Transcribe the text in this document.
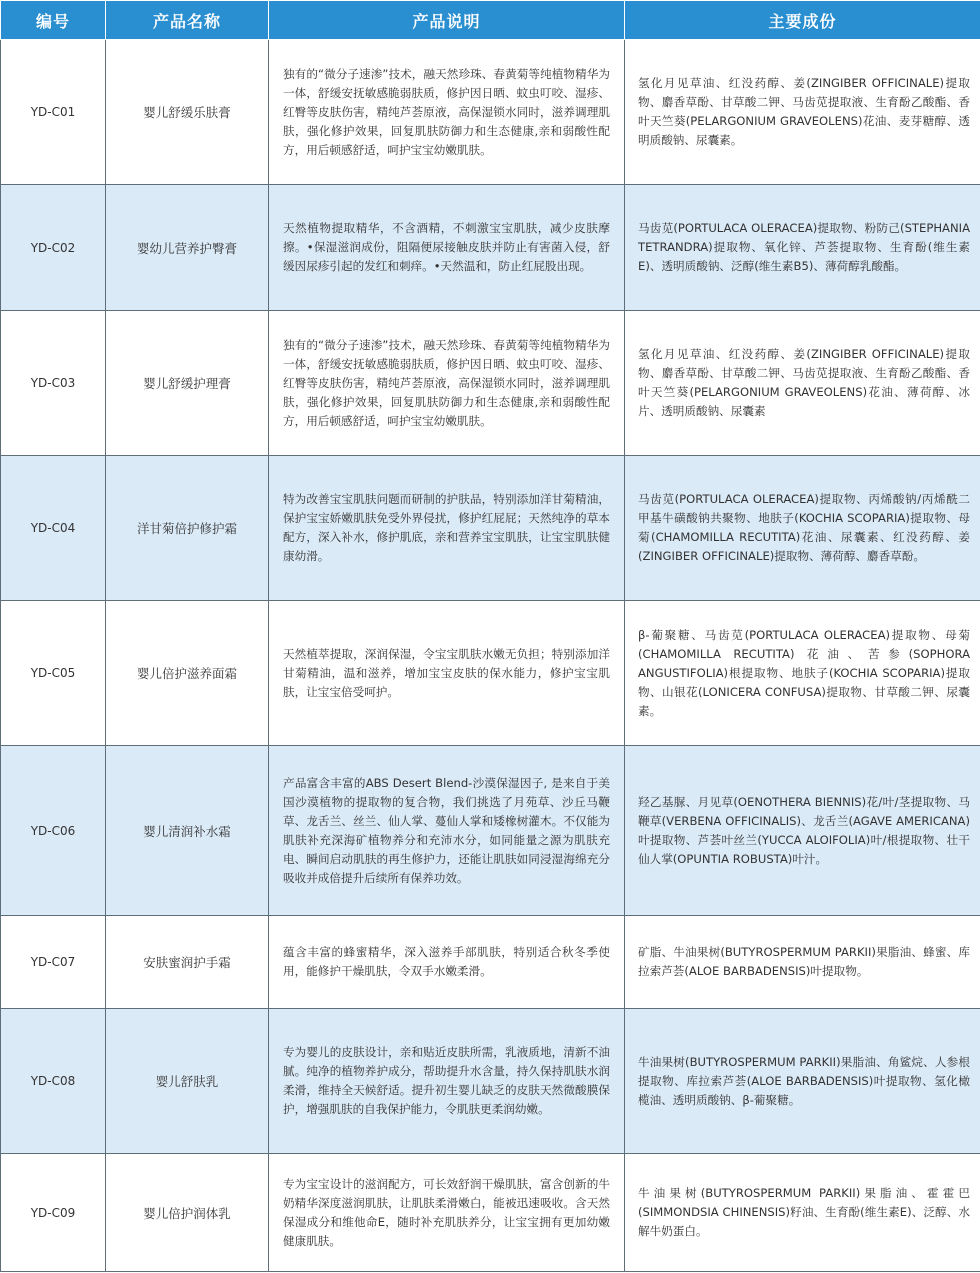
编号	产品名称	产品说明	主要成份
YD-C01	婴儿舒缓乐肤膏	独有的“微分子速渗”技术，融天然珍珠、春黄菊等纯植物精华为一体，舒缓安抚敏感脆弱肤质，修护因日晒、蚊虫叮咬、湿疹、红臀等皮肤伤害，精纯芦荟原液，高保湿锁水同时，滋养调理肌肤，强化修护效果，回复肌肤防御力和生态健康,亲和弱酸性配方，用后顿感舒适，呵护宝宝幼嫩肌肤。	氢化月见草油、红没药醇、姜(ZINGIBER OFFICINALE)提取物、麝香草酚、甘草酸二钾、马齿苋提取液、生育酚乙酸酯、香叶天竺葵(PELARGONIUM GRAVEOLENS)花油、麦芽糖醇、透明质酸钠、尿囊素。
YD-C02	婴幼儿营养护臀膏	天然植物提取精华，不含酒精，不刺激宝宝肌肤，减少皮肤摩擦。•保湿滋润成份，阻隔便尿接触皮肤并防止有害菌入侵，舒缓因尿疹引起的发红和刺痒。•天然温和，防止红屁股出现。	马齿苋(PORTULACA OLERACEA)提取物、粉防己(STEPHANIA TETRANDRA)提取物、氧化锌、芦荟提取物、生育酚(维生素E)、透明质酸钠、泛醇(维生素B5)、薄荷醇乳酸酯。
YD-C03	婴儿舒缓护理膏	独有的“微分子速渗”技术，融天然珍珠、春黄菊等纯植物精华为一体，舒缓安抚敏感脆弱肤质，修护因日晒、蚊虫叮咬、湿疹、红臀等皮肤伤害，精纯芦荟原液，高保湿锁水同时，滋养调理肌肤，强化修护效果，回复肌肤防御力和生态健康,亲和弱酸性配方，用后顿感舒适，呵护宝宝幼嫩肌肤。	氢化月见草油、红没药醇、姜(ZINGIBER OFFICINALE)提取物、麝香草酚、甘草酸二钾、马齿苋提取液、生育酚乙酸酯、香叶天竺葵(PELARGONIUM GRAVEOLENS)花油、薄荷醇、冰片、透明质酸钠、尿囊素
YD-C04	洋甘菊倍护修护霜	特为改善宝宝肌肤问题而研制的护肤品，特别添加洋甘菊精油，保护宝宝娇嫩肌肤免受外界侵扰，修护红屁屁；天然纯净的草本配方，深入补水，修护肌底，亲和营养宝宝肌肤，让宝宝肌肤健康幼滑。	马齿苋(PORTULACA OLERACEA)提取物、丙烯酸钠/丙烯酰二甲基牛磺酸钠共聚物、地肤子(KOCHIA SCOPARIA)提取物、母菊(CHAMOMILLA RECUTITA)花油、尿囊素、红没药醇、姜(ZINGIBER OFFICINALE)提取物、薄荷醇、麝香草酚。
YD-C05	婴儿倍护滋养面霜	天然植萃提取，深润保湿，令宝宝肌肤水嫩无负担；特别添加洋甘菊精油，温和滋养，增加宝宝皮肤的保水能力，修护宝宝肌肤，让宝宝倍受呵护。	β-葡聚糖、马齿苋(PORTULACA OLERACEA)提取物、母菊(CHAMOMILLA RECUTITA) 花油、苦参(SOPHORA ANGUSTIFOLIA)根提取物、地肤子(KOCHIA SCOPARIA)提取物、山银花(LONICERA CONFUSA)提取物、甘草酸二钾、尿囊素。
YD-C06	婴儿清润补水霜	产品富含丰富的ABS Desert Blend-沙漠保湿因子, 是来自于美国沙漠植物的提取物的复合物，我们挑选了月苑草、沙丘马鞭草、龙舌兰、丝兰、仙人掌、蔓仙人掌和矮橡树灌木。不仅能为肌肤补充深海矿植物养分和充沛水分，如同能量之源为肌肤充电、瞬间启动肌肤的再生修护力，还能让肌肤如同浸湿海绵充分吸收并成倍提升后续所有保养功效。	羟乙基脲、月见草(OENOTHERA BIENNIS)花/叶/茎提取物、马鞭草(VERBENA OFFICINALIS)、龙舌兰(AGAVE AMERICANA)叶提取物、芦荟叶丝兰(YUCCA ALOIFOLIA)叶/根提取物、壮干仙人掌(OPUNTIA ROBUSTA)叶汁。
YD-C07	安肤蜜润护手霜	蕴含丰富的蜂蜜精华，深入滋养手部肌肤，特别适合秋冬季使用，能修护干燥肌肤，令双手水嫩柔滑。	矿脂、牛油果树(BUTYROSPERMUM PARKII)果脂油、蜂蜜、库拉索芦荟(ALOE BARBADENSIS)叶提取物。
YD-C08	婴儿舒肤乳	专为婴儿的皮肤设计，亲和贴近皮肤所需，乳液质地，清新不油腻。纯净的植物养护成分，帮助提升水含量，持久保持肌肤水润柔滑，维持全天候舒适。提升初生婴儿缺乏的皮肤天然微酸膜保护，增强肌肤的自我保护能力，令肌肤更柔润幼嫩。	牛油果树(BUTYROSPERMUM PARKII)果脂油、角鲨烷、人参根提取物、库拉索芦荟(ALOE BARBADENSIS)叶提取物、氢化橄榄油、透明质酸钠、β-葡聚糖。
YD-C09	婴儿倍护润体乳	专为宝宝设计的滋润配方，可长效舒润干燥肌肤，富含创新的牛奶精华深度滋润肌肤，让肌肤柔滑嫩白，能被迅速吸收。含天然保湿成分和维他命E，随时补充肌肤养分，让宝宝拥有更加幼嫩健康肌肤。	牛油果树(BUTYROSPERMUM PARKII)果脂油、霍霍巴(SIMMONDSIA CHINENSIS)籽油、生育酚(维生素E)、泛醇、水解牛奶蛋白。
